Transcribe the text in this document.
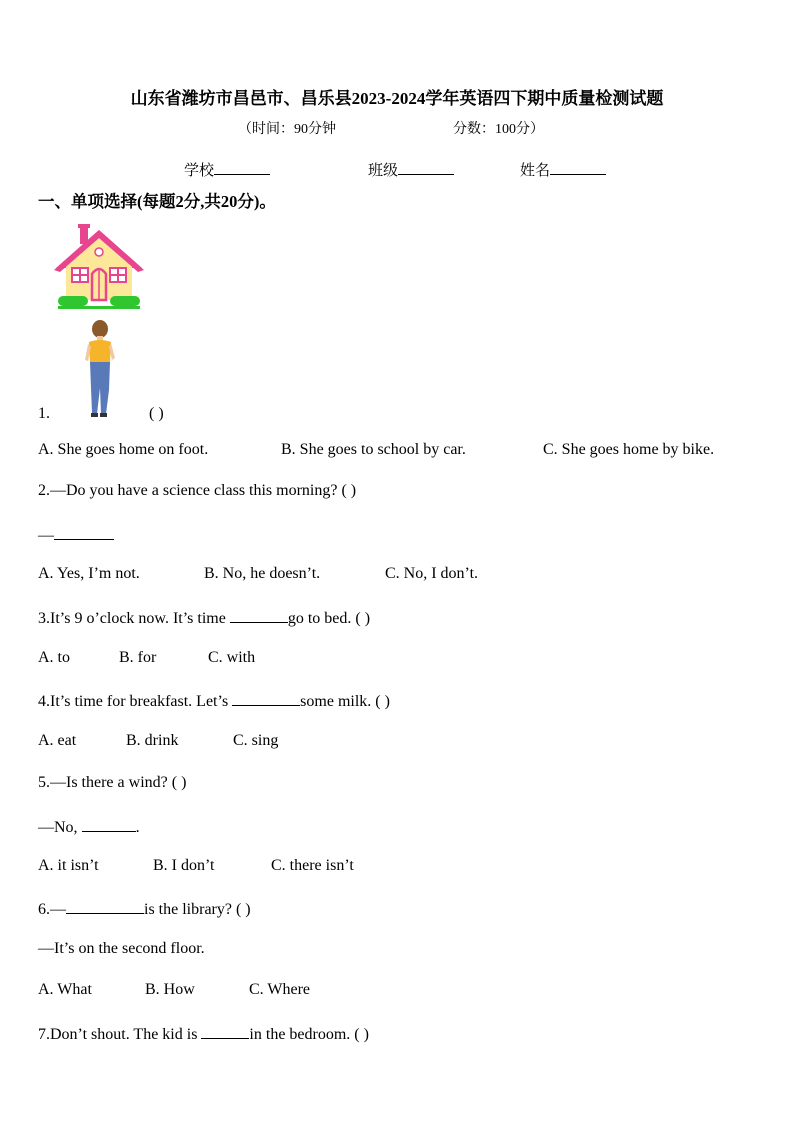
山东省潍坊市昌邑市、昌乐县2023-2024学年英语四下期中质量检测试题
（时间：90分钟	分数：100分）
学校	班级	姓名
一、单项选择(每题2分,共20分)。
1.	( )
A. She goes home on foot.	B. She goes to school by car.	C. She goes home by bike.
2.—Do you have a science class this morning? ( )
—
A. Yes, I’m not.	B. No, he doesn’t.	C. No, I don’t.
3.It’s 9 o’clock now. It’s time	go to bed. ( )
A. to	B. for	C. with
4.It’s time for breakfast. Let’s	some milk. ( )
A. eat	B. drink	C. sing
5.—Is there a wind? ( )
—No,	.
A. it isn’t	B. I don’t	C. there isn’t
6.—	is the library? ( )
—It’s on the second floor.
A. What	B. How	C. Where
7.Don’t shout. The kid is	in the bedroom. ( )
